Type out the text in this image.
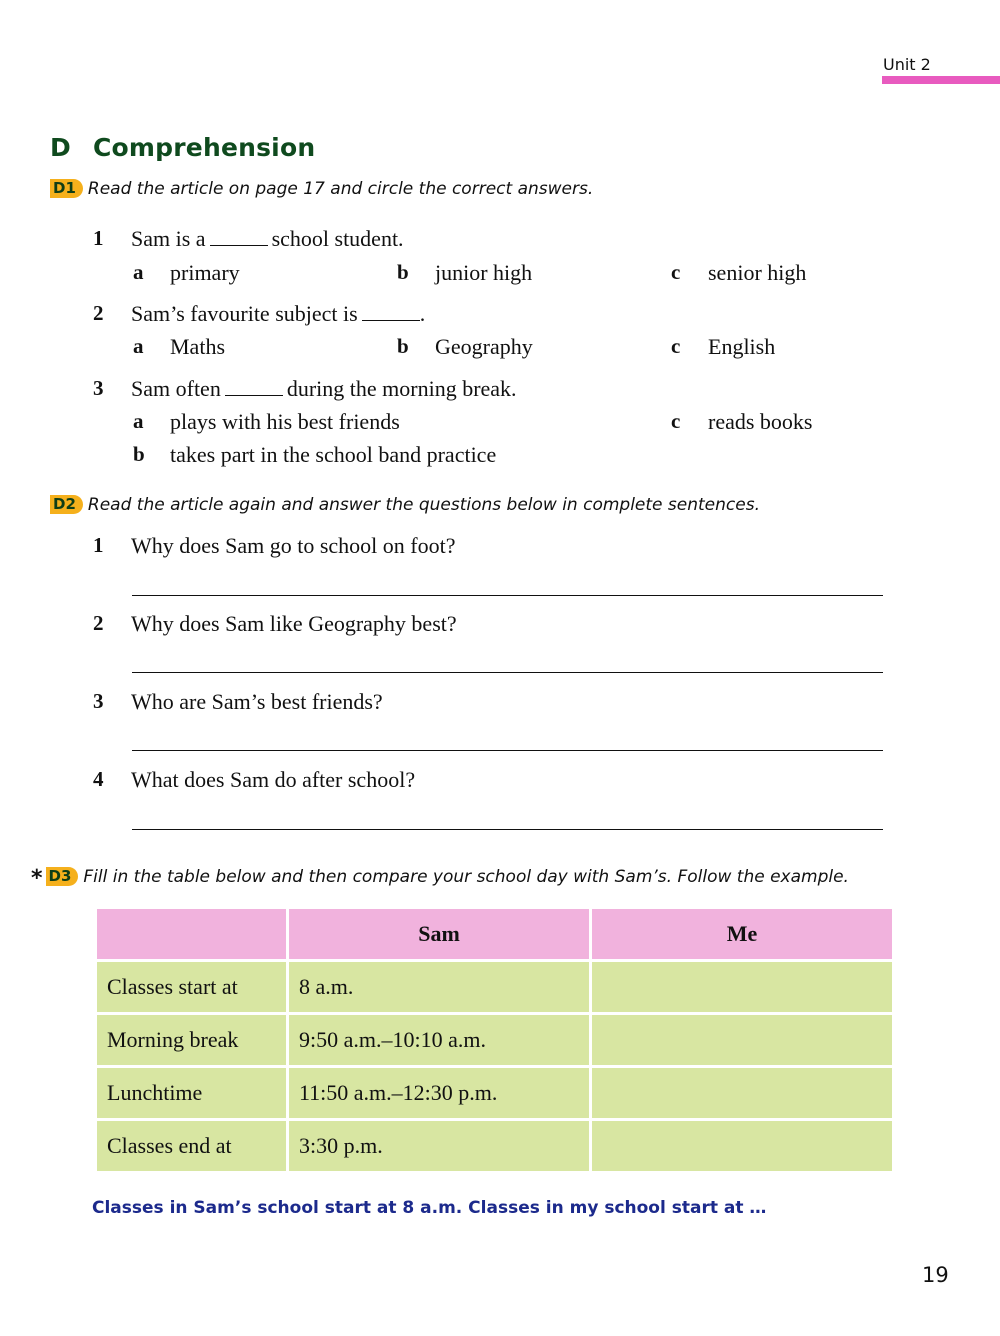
Unit 2
D Comprehension
D1 Read the article on page 17 and circle the correct answers.
1 Sam is a	school student.
a primary	b junior high	c senior high
2 Sam’s favourite subject is	.
a Maths	b Geography	c English
3 Sam often	during the morning break.
a plays with his best friends	c reads books
b takes part in the school band practice
D2 Read the article again and answer the questions below in complete sentences.
1 Why does Sam go to school on foot?
2 Why does Sam like Geography best?
3 Who are Sam’s best friends?
4 What does Sam do after school?
* D3 Fill in the table below and then compare your school day with Sam’s. Follow the example.
	Sam	Me
Classes start at	8 a.m.	
Morning break	9:50 a.m.–10:10 a.m.	
Lunchtime	11:50 a.m.–12:30 p.m.	
Classes end at	3:30 p.m.	
Classes in Sam’s school start at 8 a.m. Classes in my school start at …
19
